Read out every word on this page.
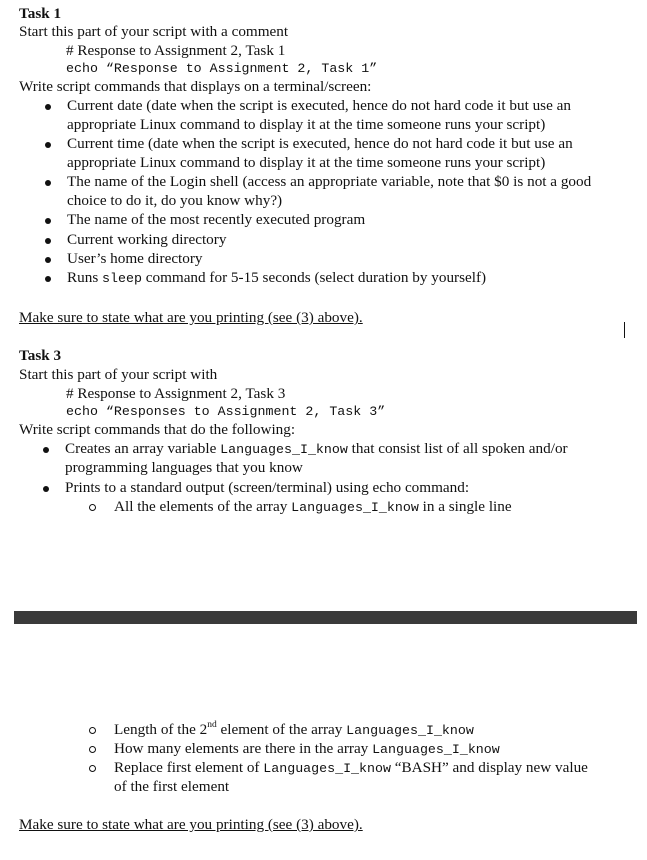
Task 1
Start this part of your script with a comment
# Response to Assignment 2, Task 1
echo “Response to Assignment 2, Task 1”
Write script commands that displays on a terminal/screen:
Current date (date when the script is executed, hence do not hard code it but use an
appropriate Linux command to display it at the time someone runs your script)
Current time (date when the script is executed, hence do not hard code it but use an
appropriate Linux command to display it at the time someone runs your script)
The name of the Login shell (access an appropriate variable, note that $0 is not a good
choice to do it, do you know why?)
The name of the most recently executed program
Current working directory
User’s home directory
Runs sleep command for 5-15 seconds (select duration by yourself)
Make sure to state what are you printing (see (3) above).
Task 3
Start this part of your script with
# Response to Assignment 2, Task 3
echo “Responses to Assignment 2, Task 3”
Write script commands that do the following:
Creates an array variable Languages_I_know that consist list of all spoken and/or
programming languages that you know
Prints to a standard output (screen/terminal) using echo command:
All the elements of the array Languages_I_know in a single line
Length of the 2nd element of the array Languages_I_know
How many elements are there in the array Languages_I_know
Replace first element of Languages_I_know “BASH” and display new value
of the first element
Make sure to state what are you printing (see (3) above).
